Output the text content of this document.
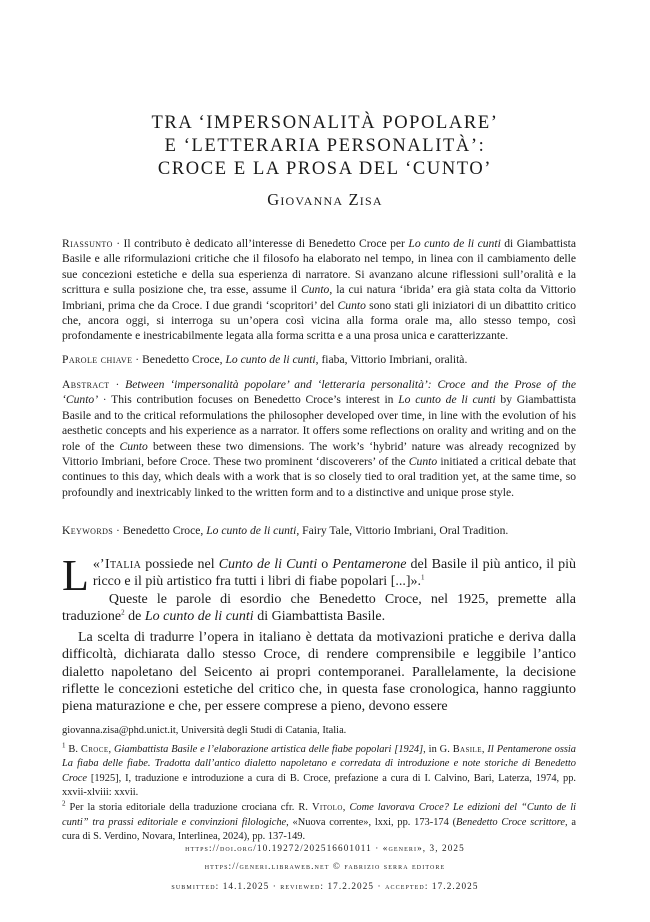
TRA ‘IMPERSONALITÀ POPOLARE’
E ‘LETTERARIA PERSONALITÀ’:
CROCE E LA PROSA DEL ‘CUNTO’
Giovanna Zisa
Riassunto · Il contributo è dedicato all’interesse di Benedetto Croce per Lo cunto de li cunti di Giambattista Basile e alle riformulazioni critiche che il filosofo ha elaborato nel tempo, in linea con il cambiamento delle sue concezioni estetiche e della sua esperienza di narratore. Si avanzano alcune riflessioni sull’oralità e la scrittura e sulla posizione che, tra esse, assume il Cunto, la cui natura ‘ibrida’ era già stata colta da Vittorio Imbriani, prima che da Croce. I due grandi ‘scopritori’ del Cunto sono stati gli iniziatori di un dibattito critico che, ancora oggi, si interroga su un’opera così vicina alla forma orale ma, allo stesso tempo, così profondamente e inestricabilmente legata alla forma scritta e a una prosa unica e caratterizzante.
Parole chiave · Benedetto Croce, Lo cunto de li cunti, fiaba, Vittorio Imbriani, oralità.
Abstract · Between ‘impersonalità popolare’ and ‘letteraria personalità’: Croce and the Prose of the ‘Cunto’ · This contribution focuses on Benedetto Croce’s interest in Lo cunto de li cunti by Giambattista Basile and to the critical reformulations the philosopher developed over time, in line with the evolution of his aesthetic concepts and his experience as a narrator. It offers some reflections on orality and writing and on the role of the Cunto between these two dimensions. The work’s ‘hybrid’ nature was already recognized by Vittorio Imbriani, before Croce. These two prominent ‘discoverers’ of the Cunto initiated a critical debate that continues to this day, which deals with a work that is so closely tied to oral tradition yet, at the same time, so profoundly and inextricably linked to the written form and to a distinctive and unique prose style.
Keywords · Benedetto Croce, Lo cunto de li cunti, Fairy Tale, Vittorio Imbriani, Oral Tradition.

«
L ’Italia possiede nel Cunto de li Cunti o Pentamerone del Basile il più antico, il più ricco e il più artistico fra tutti i libri di fiabe popolari [...]».$^1$

Queste le parole di esordio che Benedetto Croce, nel 1925, premette alla traduzione$^2$ de Lo cunto de li cunti di Giambattista Basile.

La scelta di tradurre l’opera in italiano è dettata da motivazioni pratiche e deriva dalla difficoltà, dichiarata dallo stesso Croce, di rendere comprensibile e leggibile l’antico dialetto napoletano del Seicento ai propri contemporanei. Parallelamente, la decisione riflette le concezioni estetiche del critico che, in questa fase cronologica, hanno raggiunto piena maturazione e che, per essere comprese a pieno, devono essere

giovanna.zisa@phd.unict.it, Università degli Studi di Catania, Italia.
$^1$ B. Croce, Giambattista Basile e l’elaborazione artistica delle fiabe popolari [1924], in G. Basile, Il Pentamerone ossia La fiaba delle fiabe. Tradotta dall’antico dialetto napoletano e corredata di introduzione e note storiche di Benedetto Croce [1925], I, traduzione e introduzione a cura di B. Croce, prefazione a cura di I. Calvino, Bari, Laterza, 1974, pp. xxvii-xlviii: xxvii.
$^2$ Per la storia editoriale della traduzione crociana cfr. R. Vitolo, Come lavorava Croce? Le edizioni del “Cunto de li cunti” tra prassi editoriale e convinzioni filologiche, «Nuova corrente», lxxi, pp. 173-174 (Benedetto Croce scrittore, a cura di S. Verdino, Novara, Interlinea, 2024), pp. 137-149.
https://doi.org/10.19272/202516601011 · «generi», 3, 2025
https://generi.libraweb.net © fabrizio serra editore
submitted: 14.1.2025 · reviewed: 17.2.2025 · accepted: 17.2.2025
